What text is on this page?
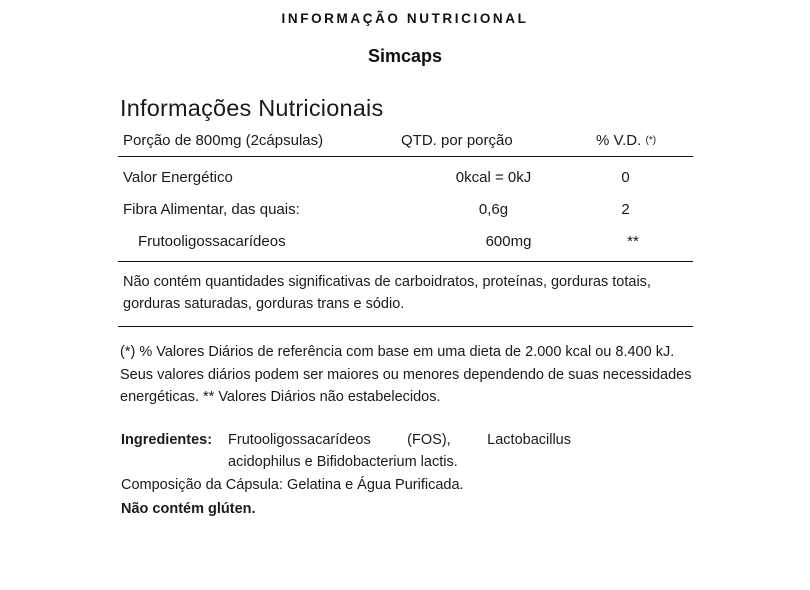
INFORMAÇÃO NUTRICIONAL
Simcaps
Informações Nutricionais
Porção de 800mg (2cápsulas)	QTD. por porção	% V.D. (*)
Valor Energético	0kcal = 0kJ	0
Fibra Alimentar, das quais:	0,6g	2
Frutooligossacarídeos	600mg	**
Não contém quantidades significativas de carboidratos, proteínas, gorduras totais, gorduras saturadas, gorduras trans e sódio.
(*) % Valores Diários de referência com base em uma dieta de 2.000 kcal ou 8.400 kJ. Seus valores diários podem ser maiores ou menores dependendo de suas necessidades energéticas. ** Valores Diários não estabelecidos.
Ingredientes: Frutooligossacarídeos (FOS), Lactobacillus acidophilus e Bifidobacterium lactis.
Composição da Cápsula: Gelatina e Água Purificada.
Não contém glúten.
